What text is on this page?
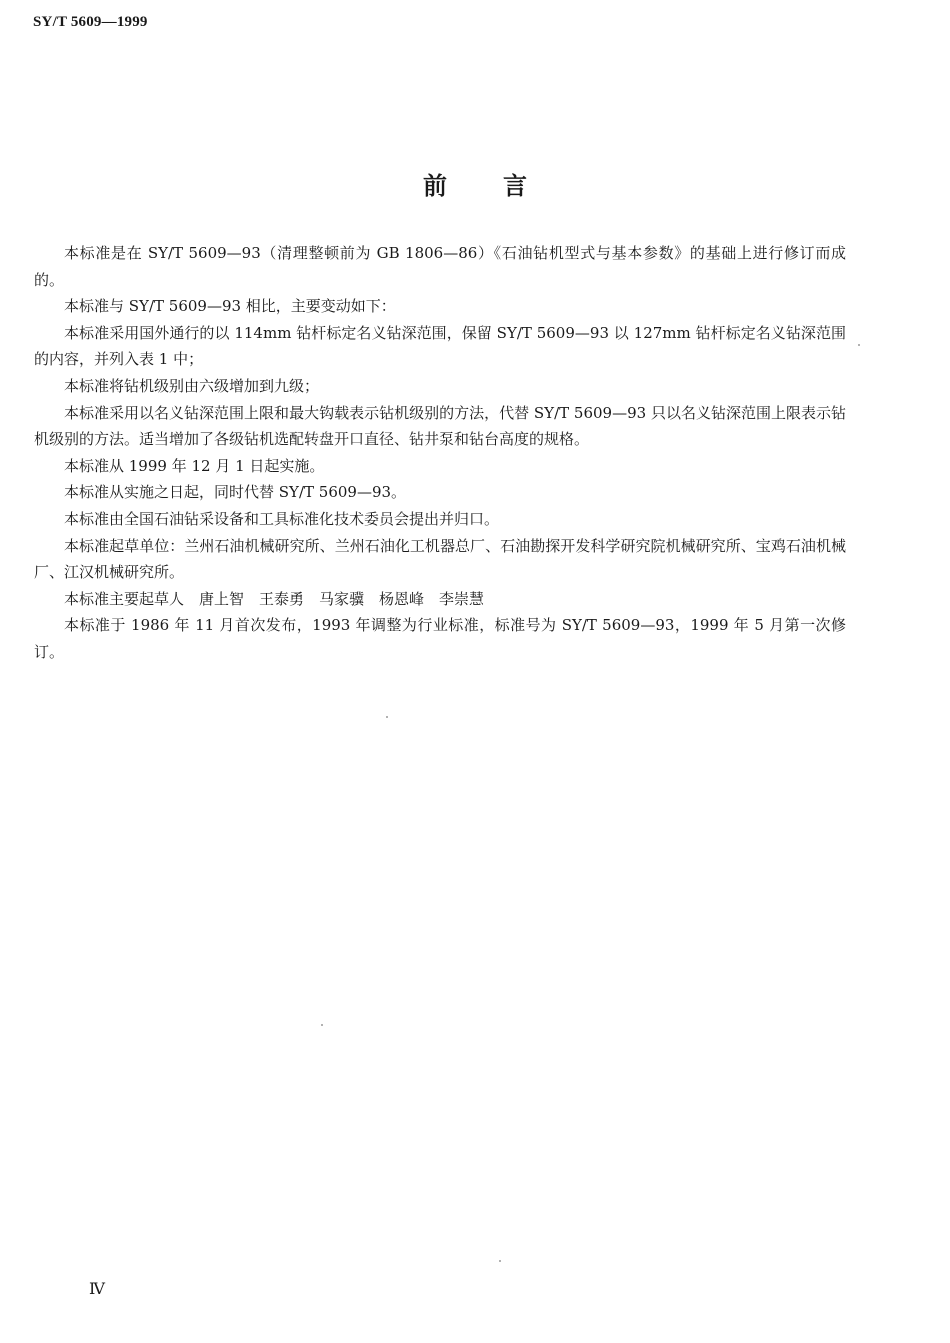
SY/T 5609—1999
前言

本标准是在 SY/T 5609—93（清理整顿前为 GB 1806—86）《石油钻机型式与基本参数》的基础上进行修订而成的。

本标准与 SY/T 5609—93 相比，主要变动如下：

本标准采用国外通行的以 114mm 钻杆标定名义钻深范围，保留 SY/T 5609—93 以 127mm 钻杆标定名义钻深范围的内容，并列入表 1 中；

本标准将钻机级别由六级增加到九级；

本标准采用以名义钻深范围上限和最大钩载表示钻机级别的方法，代替 SY/T 5609—93 只以名义钻深范围上限表示钻机级别的方法。适当增加了各级钻机选配转盘开口直径、钻井泵和钻台高度的规格。

本标准从 1999 年 12 月 1 日起实施。

本标准从实施之日起，同时代替 SY/T 5609—93。

本标准由全国石油钻采设备和工具标准化技术委员会提出并归口。

本标准起草单位：兰州石油机械研究所、兰州石油化工机器总厂、石油勘探开发科学研究院机械研究所、宝鸡石油机械厂、江汉机械研究所。

本标准主要起草人　唐上智　王泰勇　马家骥　杨恩峰　李崇慧

本标准于 1986 年 11 月首次发布，1993 年调整为行业标准，标准号为 SY/T 5609—93，1999 年 5 月第一次修订。

Ⅳ
